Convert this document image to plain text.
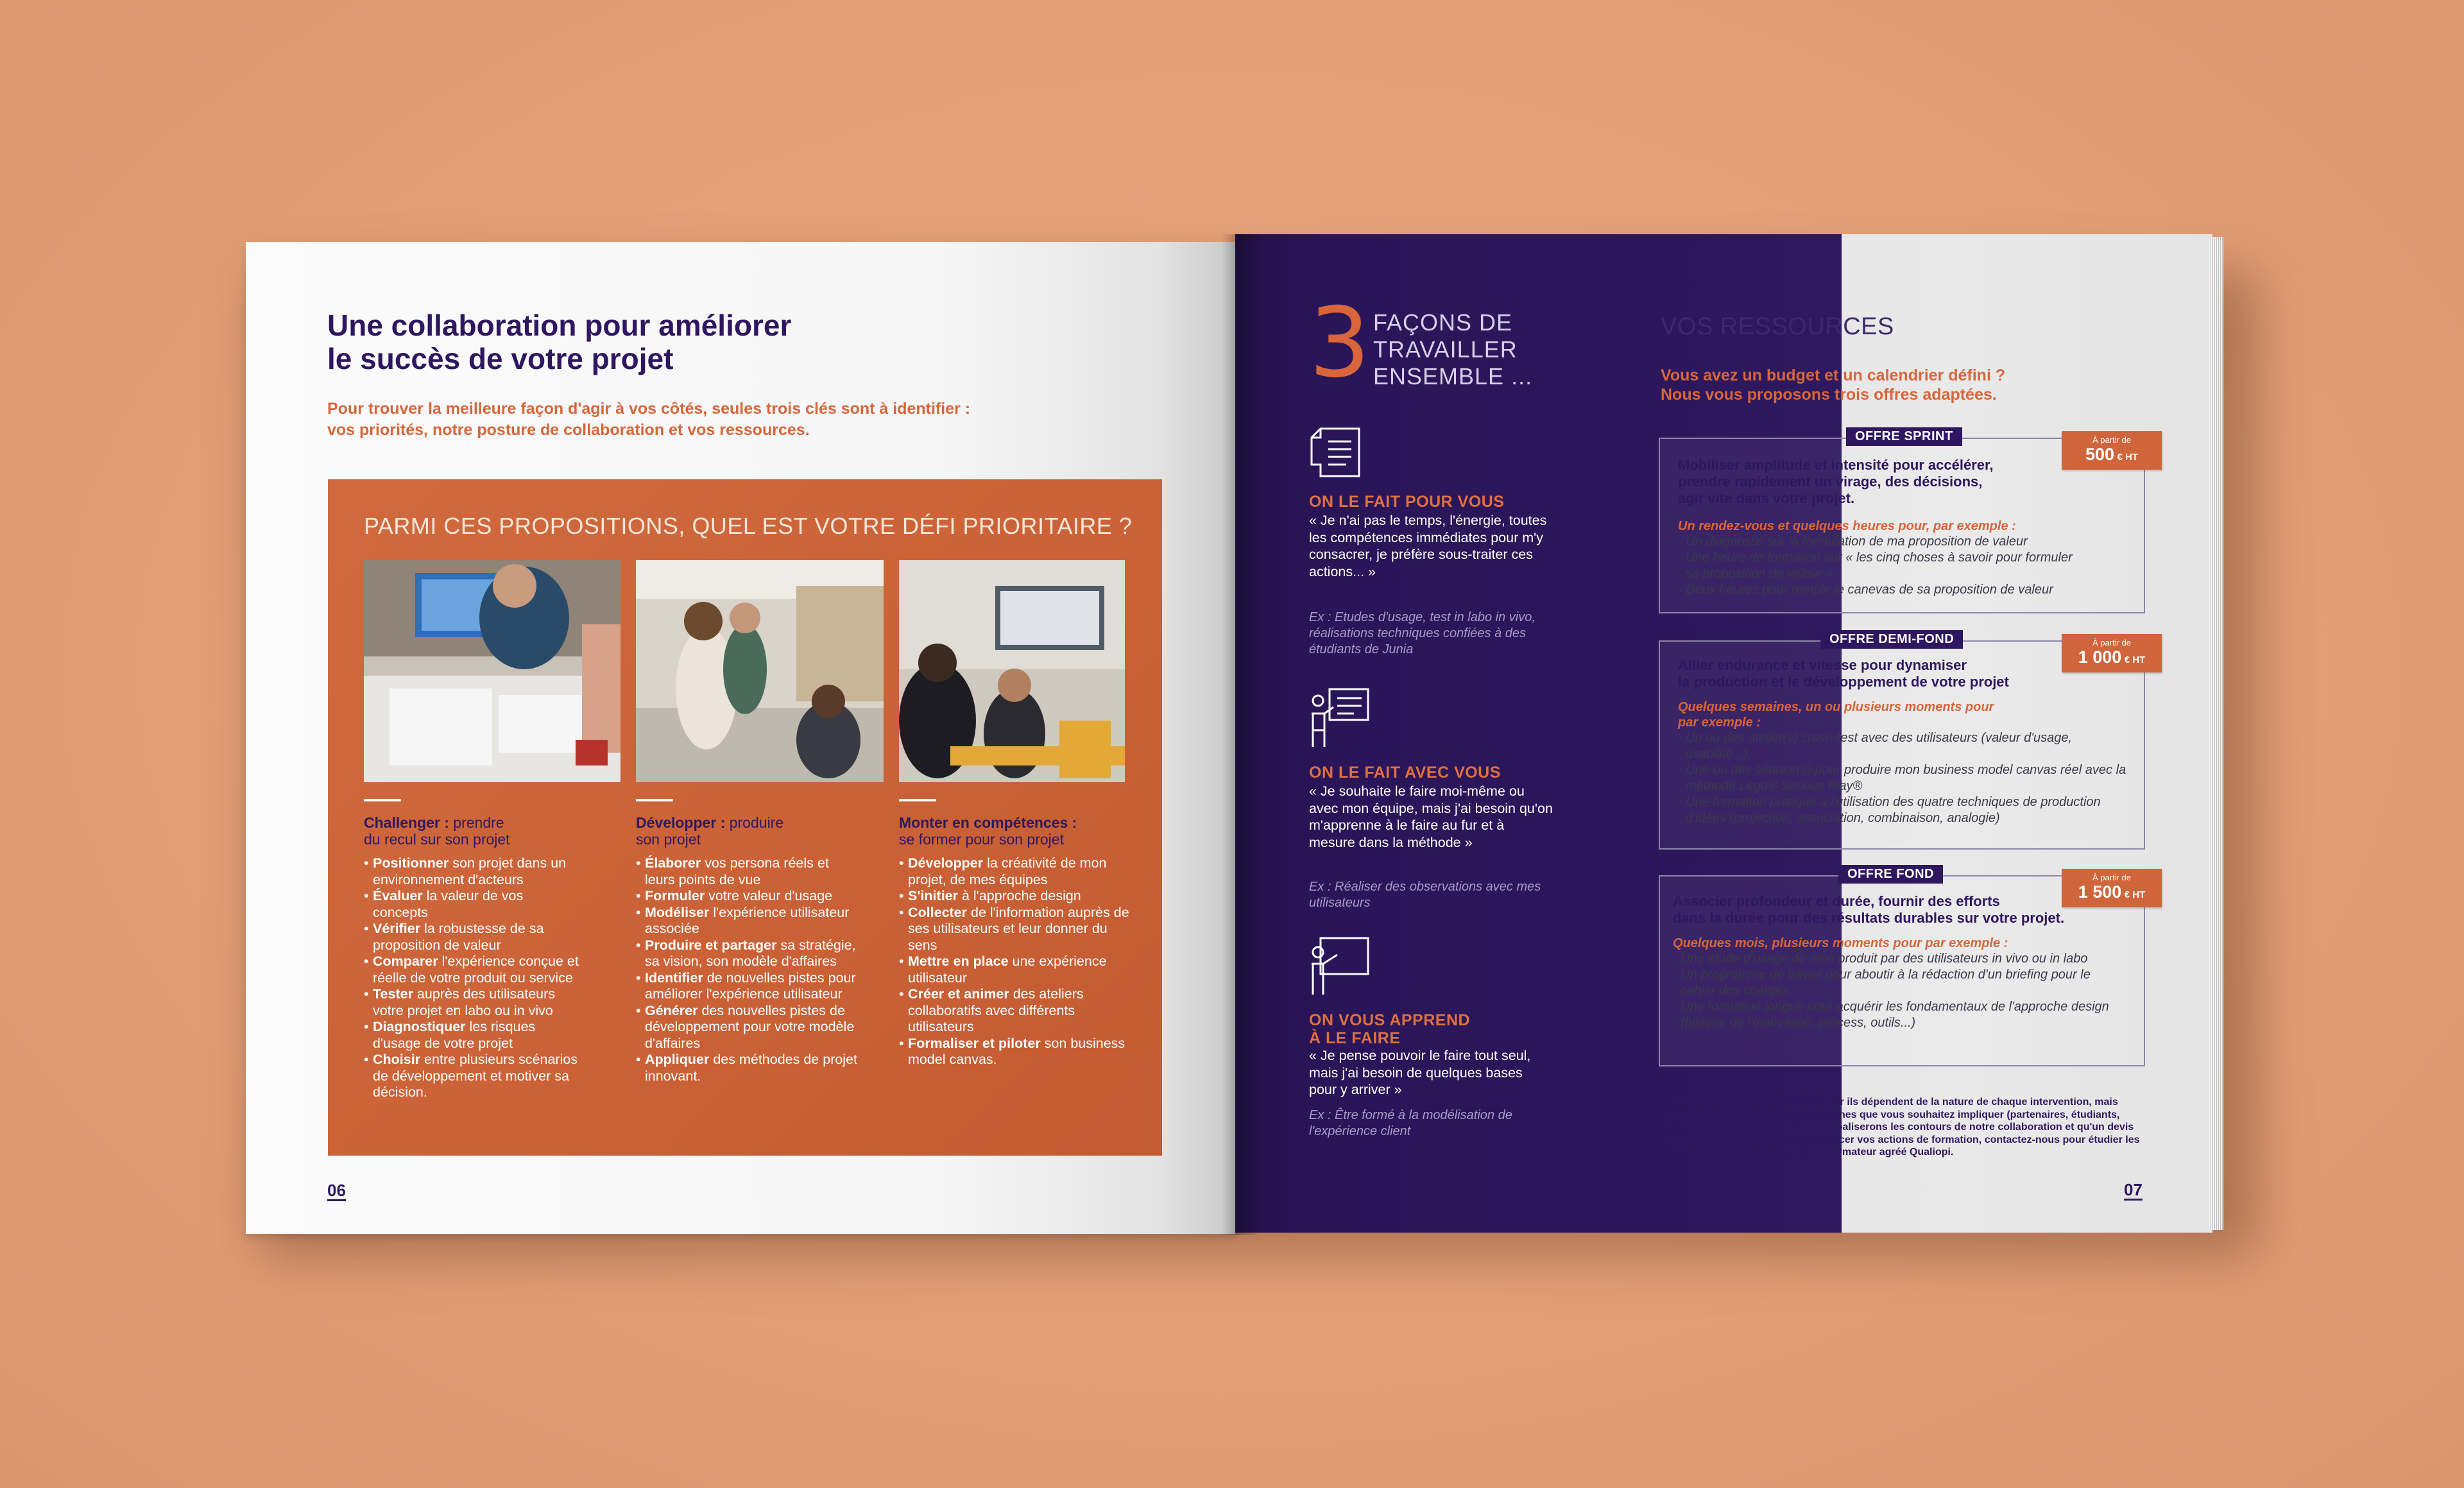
Une collaboration pour améliorer
le succès de votre projet
Pour trouver la meilleure façon d'agir à vos côtés, seules trois clés sont à identifier :
vos priorités, notre posture de collaboration et vos ressources.
PARMI CES PROPOSITIONS, QUEL EST VOTRE DÉFI PRIORITAIRE ?
Challenger : prendre
du recul sur son projet
• Positionner son projet dans un environnement d'acteurs
• Évaluer la valeur de vos concepts
• Vérifier la robustesse de sa proposition de valeur
• Comparer l'expérience conçue et réelle de votre produit ou service
• Tester auprès des utilisateurs votre projet en labo ou in vivo
• Diagnostiquer les risques d'usage de votre projet
• Choisir entre plusieurs scénarios de développement et motiver sa décision.
Développer : produire
son projet
• Élaborer vos persona réels et leurs points de vue
• Formuler votre valeur d'usage
• Modéliser l'expérience utilisateur associée
• Produire et partager sa stratégie, sa vision, son modèle d'affaires
• Identifier de nouvelles pistes pour améliorer l'expérience utilisateur
• Générer des nouvelles pistes de développement pour votre modèle d'affaires
• Appliquer des méthodes de projet innovant.
Monter en compétences :
se former pour son projet
• Développer la créativité de mon projet, de mes équipes
• S'initier à l'approche design
• Collecter de l'information auprès de ses utilisateurs et leur donner du sens
• Mettre en place une expérience utilisateur
• Créer et animer des ateliers collaboratifs avec différents utilisateurs
• Formaliser et piloter son business model canvas.
06
3 FAÇONS DE
TRAVAILLER
ENSEMBLE ...
ON LE FAIT POUR VOUS
« Je n'ai pas le temps, l'énergie, toutes les compétences immédiates pour m'y consacrer, je préfère sous-traiter ces actions... »
Ex : Etudes d'usage, test in labo in vivo, réalisations techniques confiées à des étudiants de Junia
ON LE FAIT AVEC VOUS
« Je souhaite le faire moi-même ou avec mon équipe, mais j'ai besoin qu'on m'apprenne à le faire au fur et à mesure dans la méthode »
Ex : Réaliser des observations avec mes utilisateurs
ON VOUS APPREND
À LE FAIRE
« Je pense pouvoir le faire tout seul, mais j'ai besoin de quelques bases pour y arriver »
Ex : Être formé à la modélisation de l'expérience client
VOS RESSOURCES
Vous avez un budget et un calendrier défini ?
Nous vous proposons trois offres adaptées.
OFFRE SPRINT	À partir de
500 € HT
Mobiliser amplitude et intensité pour accélérer,
prendre rapidement un virage, des décisions,
agir vite dans votre projet.
Un rendez-vous et quelques heures pour, par exemple :
· Un diagnostic sur la formulation de ma proposition de valeur
· Une heure de formation sur « les cinq choses à savoir pour formuler sa proposition de valeur »
· Deux heures pour remplir le canevas de sa proposition de valeur
OFFRE DEMI-FOND	À partir de
1 000 € HT
Allier endurance et vitesse pour dynamiser
la production et le développement de votre projet
Quelques semaines, un ou plusieurs moments pour par exemple :
· Un ou des atelier(s) crash-test avec des utilisateurs (valeur d'usage, usabilité...)
· Une ou des séance(s) pour produire mon business model canvas réel avec la méthode Lego® Serious Play®
· Une formation pratique à l'utilisation des quatre techniques de production d'idées (projection, association, combinaison, analogie)
OFFRE FOND	À partir de
1 500 € HT
Associer profondeur et durée, fournir des efforts
dans la durée pour des résultats durables sur votre projet.
Quelques mois, plusieurs moments pour par exemple :
· Une étude d'usage de mon produit par des utilisateurs in vivo ou in labo
· Un programme de travail pour aboutir à la rédaction d'un briefing pour le cahier des charges
· Une formation longue pour acquérir les fondamentaux de l'approche design (histoire de l'innovation, process, outils...)
*Les tarifs indiqués sont indicatifs car ils dépendent de la nature de chaque intervention, mais aussi du nombre et profils de personnes que vous souhaitez impliquer (partenaires, étudiants, clients....). C'est en amont que nous baliserons les contours de notre collaboration et qu'un devis ajusté vous sera proposé. Pour financer vos actions de formation, contactez-nous pour étudier les solutions. Junia XP est organisme formateur agréé Qualiopi.
07
